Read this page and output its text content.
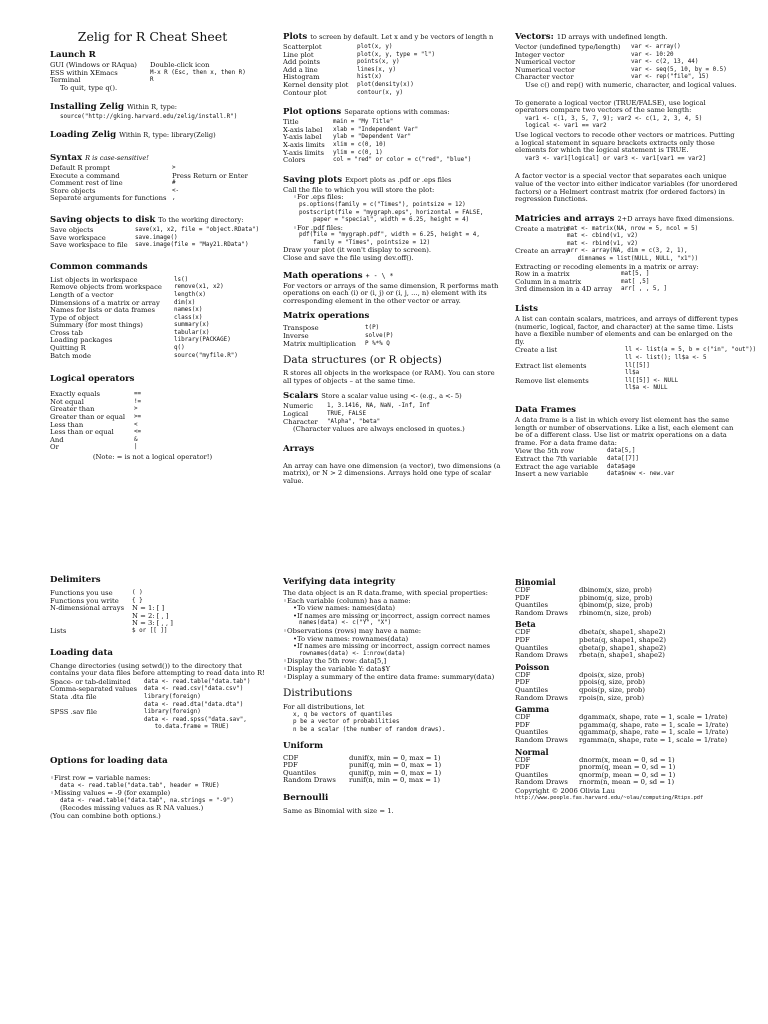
Zelig for R Cheat Sheet
Launch R
GUI (Windows or RAqua)	Double-click icon
ESS within XEmacs	M-x R (Esc, then x, then R)
Terminal	R
To quit, type q().
Installing Zelig Within R, type:
source("http://gking.harvard.edu/zelig/install.R")
Loading Zelig Within R, type: library(Zelig)
Syntax R is case-sensitive!
Default R prompt	>
Execute a command	Press Return or Enter
Comment rest of line	#
Store objects	<-
Separate arguments for functions ,
Saving objects to disk To the working directory:
Save objects	save(x1, x2, file = "object.RData")
Save workspace	save.image()
Save workspace to file	save.image(file = "May21.RData")
Common commands
List objects in workspace	ls()
Remove objects from workspace	remove(x1, x2)
Length of a vector	length(x)
Dimensions of a matrix or array	dim(x)
Names for lists or data frames	names(x)
Type of object	class(x)
Summary (for most things)	summary(x)
Cross tab	tabular(x)
Loading packages	library(PACKAGE)
Quitting R	q()
Batch mode	source("myfile.R")
Logical operators
Exactly equals	==
Not equal	!=
Greater than	>
Greater than or equal	>=
Less than	<
Less than or equal	<=
And	&
Or	|
(Note: = is not a logical operator!)
Plots to screen by default. Let x and y be vectors of length n
Scatterplot	plot(x, y)
Line plot	plot(x, y, type = "l")
Add points	points(x, y)
Add a line	lines(x, y)
Histogram	hist(x)
Kernel density plot	plot(density(x))
Contour plot	contour(x, y)
Plot options Separate options with commas:
Title	main = "My Title"
X-axis label	xlab = "Independent Var"
Y-axis label	ylab = "Dependent Var"
X-axis limits	xlim = c(0, 10)
Y-axis limits	ylim = c(0, 1)
Colors	col = "red" or color = c("red", "blue")
Saving plots Export plots as .pdf or .eps files
Call the file to which you will store the plot:
◦ For .eps files:
ps.options(family = c("Times"), pointsize = 12)
postscript(file = "mygraph.eps", horizontal = FALSE,
paper = "special", width = 6.25, height = 4)
◦ For .pdf files:
pdf(file = "mygraph.pdf", width = 6.25, height = 4,
family = "Times", pointsize = 12)
Draw your plot (it won't display to screen).
Close and save the file using dev.off().
Math operations + - \ *
For vectors or arrays of the same dimension, R performs math operations on each (i) or (i, j) or (i, j, ..., n) element with its corresponding element in the other vector or array.
Matrix operations
Transpose	t(P)
Inverse	solve(P)
Matrix multiplication	P %*% Q
Data structures (or R objects)
R stores all objects in the workspace (or RAM). You can store all types of objects – at the same time.
Scalars Store a scalar value using <- (e.g., a <- 5)
Numeric	1, 3.1416, NA, NaN, -Inf, Inf
Logical	TRUE, FALSE
Character	"Alpha", "beta"
(Character values are always enclosed in quotes.)
Arrays
An array can have one dimension (a vector), two dimensions (a matrix), or N > 2 dimensions. Arrays hold one type of scalar value.
Vectors: 1D arrays with undefined length.
Vector (undefined type/length)	var <- array()
Integer vector	var <- 10:20
Numerical vector	var <- c(2, 13, 44)
Numerical vector	var <- seq(5, 10, by = 0.5)
Character vector	var <- rep("file", 15)
Use c() and rep() with numeric, character, and logical values.
To generate a logical vector (TRUE/FALSE), use logical operators compare two vectors of the same length:
var1 <- c(1, 3, 5, 7, 9); var2 <- c(1, 2, 3, 4, 5)
logical <- var1 == var2
Use logical vectors to recode other vectors or matrices. Putting a logical statement in square brackets extracts only those elements for which the logical statement is TRUE.
var3 <- var1[logical] or var3 <- var1[var1 == var2]
A factor vector is a special vector that separates each unique value of the vector into either indicator variables (for unordered factors) or a Helmert contrast matrix (for ordered factors) in regression functions.
Matricies and arrays 2+D arrays have fixed dimensions.
Create a matrix
mat <- matrix(NA, nrow = 5, ncol = 5)
mat <- cbind(v1, v2)
mat <- rbind(v1, v2)
Create an array
arr <- array(NA, dim = c(3, 2, 1),
dimnames = list(NULL, NULL, "x1"))
Extracting or recoding elements in a matrix or array:
Row in a matrix	mat[5, ]
Column in a matrix	mat[ ,5]
3rd dimension in a 4D array	arr[ , , 5, ]
Lists
A list can contain scalars, matrices, and arrays of different types (numeric, logical, factor, and character) at the same time. Lists have a flexible number of elements and can be enlarged on the fly.
Create a list	ll <- list(a = 5, b = c("in", "out"))
ll <- list(); ll$a <- 5
Extract list elements	ll[[5]]
ll$a
Remove list elements	ll[[5]] <- NULL
ll$a <- NULL
Data Frames
A data frame is a list in which every list element has the same length or number of observations. Like a list, each element can be of a different class. Use list or matrix operations on a data frame. For a data frame data:
View the 5th row	data[5,]
Extract the 7th variable	data[[7]]
Extract the age variable	data$age
Insert a new variable	data$new <- new.var
Delimiters
Functions you use	( )
Functions you write	{ }
N-dimensional arrays	N = 1: [ ]
N = 2: [ , ]
N = 3: [ , , ]
Lists	$ or [[ ]]
Loading data
Change directories (using setwd()) to the directory that contains your data files before attempting to read data into R!
Space- or tab-delimited	data <- read.table("data.tab")
Comma-separated values	data <- read.csv("data.csv")
Stata .dta file	library(foreign)
data <- read.dta("data.dta")
SPSS .sav file	library(foreign)
data <- read.spss("data.sav",
to.data.frame = TRUE)
Options for loading data
◦ First row = variable names:
data <- read.table("data.tab", header = TRUE)
◦ Missing values = -9 (for example)
data <- read.table("data.tab", na.strings = "-9")
(Recodes missing values as R NA values.)
(You can combine both options.)
Verifying data integrity
The data object is an R data.frame, with special properties:
◦ Each variable (column) has a name:
• To view names: names(data)
• If names are missing or incorrect, assign correct names
names(data) <- c("Y", "X")
◦ Observations (rows) may have a name:
• To view names: rownames(data)
• If names are missing or incorrect, assign correct names
rownames(data) <- 1:nrow(data)
◦ Display the 5th row: data[5,]
◦ Display the variable Y: data$Y
◦ Display a summary of the entire data frame: summary(data)
Distributions
For all distributions, let
x, q be vectors of quantiles
p be a vector of probabilities
n be a scalar (the number of random draws).
Uniform
CDF	dunif(x, min = 0, max = 1)
PDF	punif(q, min = 0, max = 1)
Quantiles	qunif(p, min = 0, max = 1)
Random Draws	runif(n, min = 0, max = 1)
Bernoulli
Same as Binomial with size = 1.
Binomial
CDF	dbinom(x, size, prob)
PDF	pbinom(q, size, prob)
Quantiles	qbinom(p, size, prob)
Random Draws	rbinom(n, size, prob)
Beta
CDF	dbeta(x, shape1, shape2)
PDF	pbeta(q, shape1, shape2)
Quantiles	qbeta(p, shape1, shape2)
Random Draws	rbeta(n, shape1, shape2)
Poisson
CDF	dpois(x, size, prob)
PDF	ppois(q, size, prob)
Quantiles	qpois(p, size, prob)
Random Draws	rpois(n, size, prob)
Gamma
CDF	dgamma(x, shape, rate = 1, scale = 1/rate)
PDF	pgamma(q, shape, rate = 1, scale = 1/rate)
Quantiles	qgamma(p, shape, rate = 1, scale = 1/rate)
Random Draws	rgamma(n, shape, rate = 1, scale = 1/rate)
Normal
CDF	dnorm(x, mean = 0, sd = 1)
PDF	pnorm(q, mean = 0, sd = 1)
Quantiles	qnorm(p, mean = 0, sd = 1)
Random Draws	rnorm(n, mean = 0, sd = 1)
Copyright © 2006 Olivia Lau
http://www.people.fas.harvard.edu/~olau/computing/Rtips.pdf
